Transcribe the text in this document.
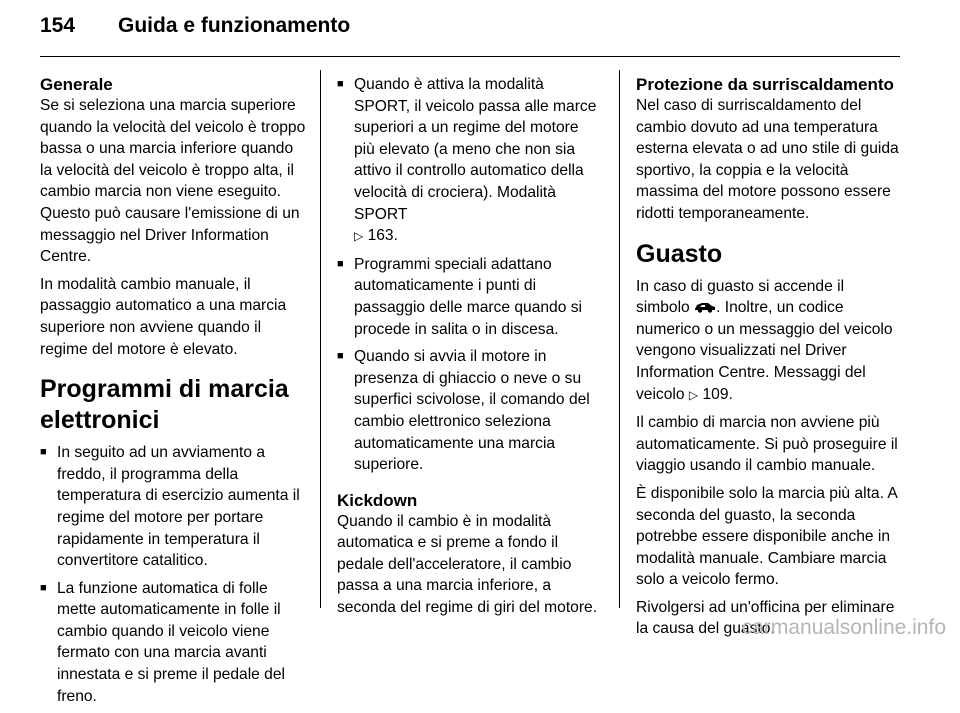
154 Guida e funzionamento
Generale

Se si seleziona una marcia superiore quando la velocità del veicolo è troppo bassa o una marcia inferiore quando la velocità del veicolo è troppo alta, il cambio marcia non viene eseguito. Questo può causare l'emissione di un messaggio nel Driver Information Centre.

In modalità cambio manuale, il passaggio automatico a una marcia superiore non avviene quando il regime del motore è elevato.

Programmi di marcia elettronici
■ In seguito ad un avviamento a freddo, il programma della temperatura di esercizio aumenta il regime del motore per portare rapidamente in temperatura il convertitore catalitico.
■ La funzione automatica di folle mette automaticamente in folle il cambio quando il veicolo viene fermato con una marcia avanti innestata e si preme il pedale del freno.
■ Quando è attiva la modalità SPORT, il veicolo passa alle marce superiori a un regime del motore più elevato (a meno che non sia attivo il controllo automatico della velocità di crociera). Modalità SPORT
▷ 163.
■ Programmi speciali adattano automaticamente i punti di passaggio delle marce quando si procede in salita o in discesa.
■ Quando si avvia il motore in presenza di ghiaccio o neve o su superfici scivolose, il comando del cambio elettronico seleziona automaticamente una marcia superiore.
Kickdown

Quando il cambio è in modalità automatica e si preme a fondo il pedale dell'acceleratore, il cambio passa a una marcia inferiore, a seconda del regime di giri del motore.

Protezione da surriscaldamento

Nel caso di surriscaldamento del cambio dovuto ad una temperatura esterna elevata o ad uno stile di guida sportivo, la coppia e la velocità massima del motore possono essere ridotti temporaneamente.

Guasto

In caso di guasto si accende il simbolo . Inoltre, un codice numerico o un messaggio del veicolo vengono visualizzati nel Driver Information Centre. Messaggi del veicolo ▷ 109.

Il cambio di marcia non avviene più automaticamente. Si può proseguire il viaggio usando il cambio manuale.

È disponibile solo la marcia più alta. A seconda del guasto, la seconda potrebbe essere disponibile anche in modalità manuale. Cambiare marcia solo a veicolo fermo.

Rivolgersi ad un'officina per eliminare la causa del guasto.

carmanualsonline.info
